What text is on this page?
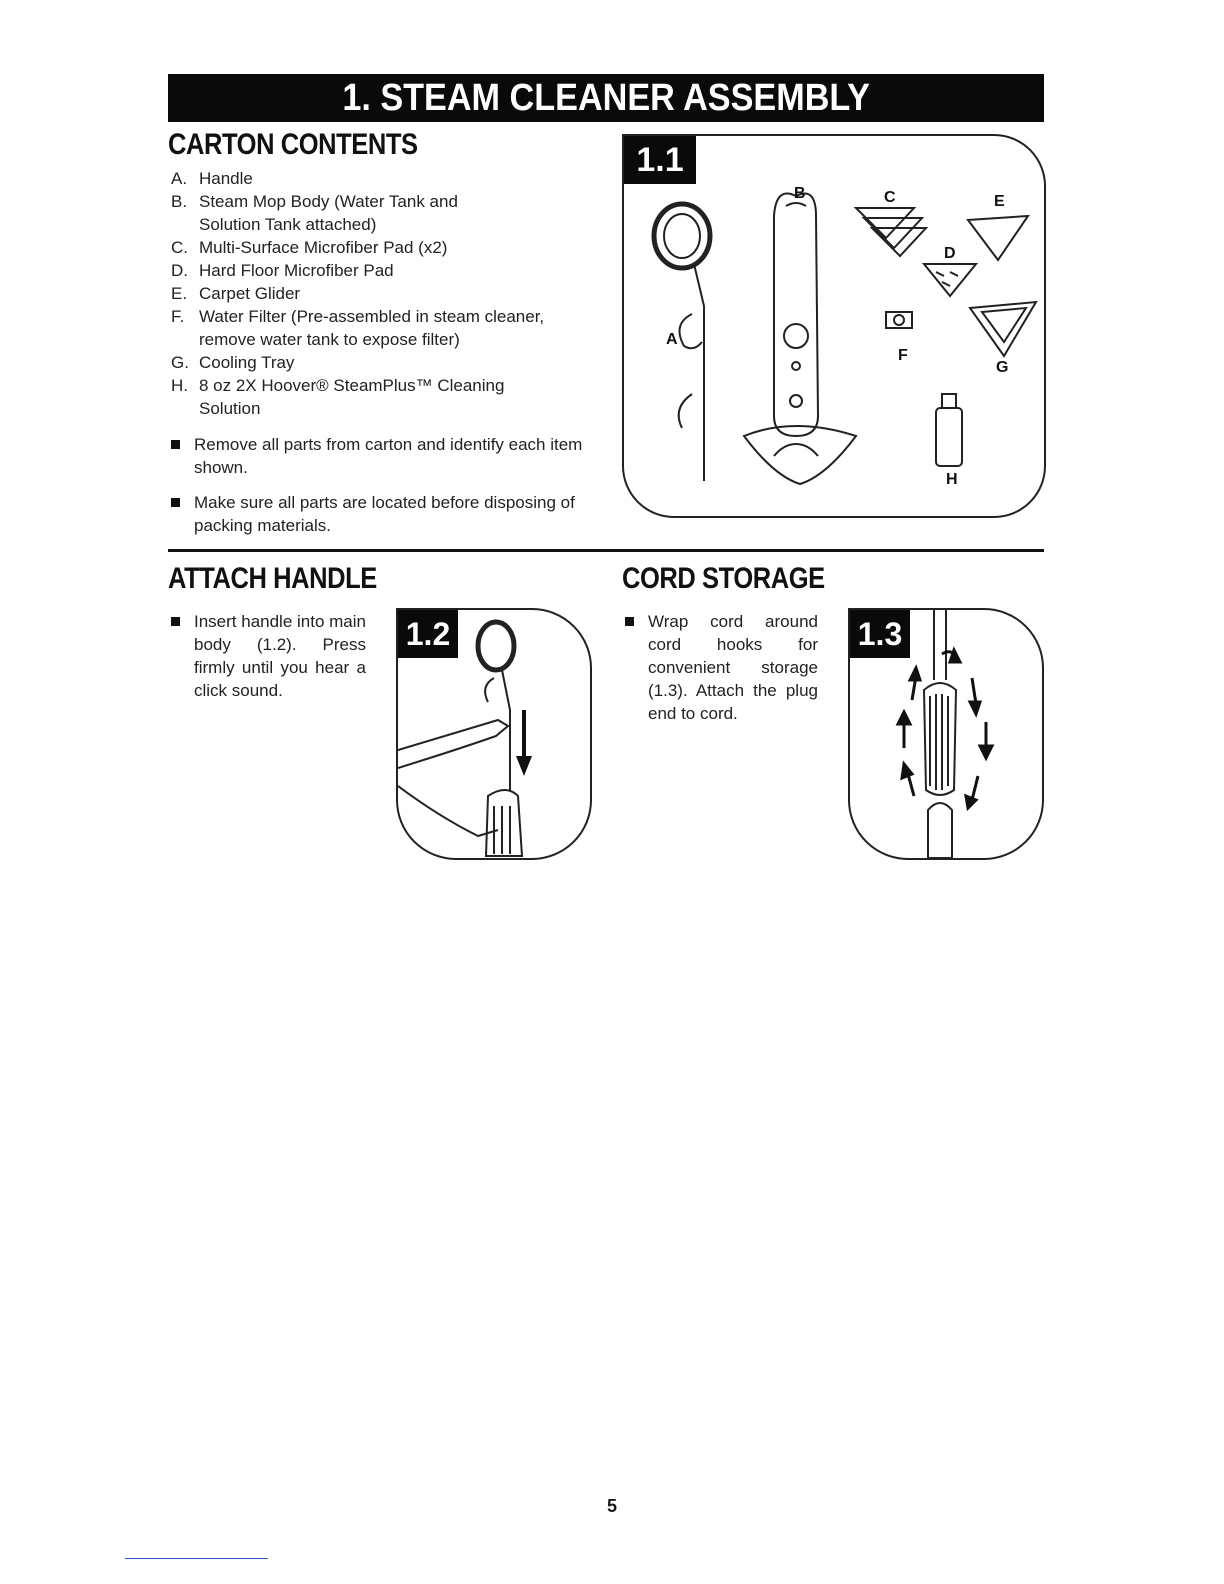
1. STEAM CLEANER ASSEMBLY
CARTON CONTENTS
A. Handle
B. Steam Mop Body (Water Tank and Solution Tank attached)
C. Multi-Surface Microfiber Pad (x2)
D. Hard Floor Microfiber Pad
E. Carpet Glider
F. Water Filter (Pre-assembled in steam cleaner, remove water tank to expose filter)
G. Cooling Tray
H. 8 oz 2X Hoover® SteamPlus™ Cleaning Solution
Remove all parts from carton and identify each item shown.
Make sure all parts are located before disposing of packing materials.
1.1
A
B	C
D
E
F
G
H
ATTACH HANDLE
Insert handle into main body (1.2). Press firmly until you hear a click sound.
1.2
CORD STORAGE
Wrap cord around cord hooks for convenient storage (1.3). Attach the plug end to cord.
1.3
5
